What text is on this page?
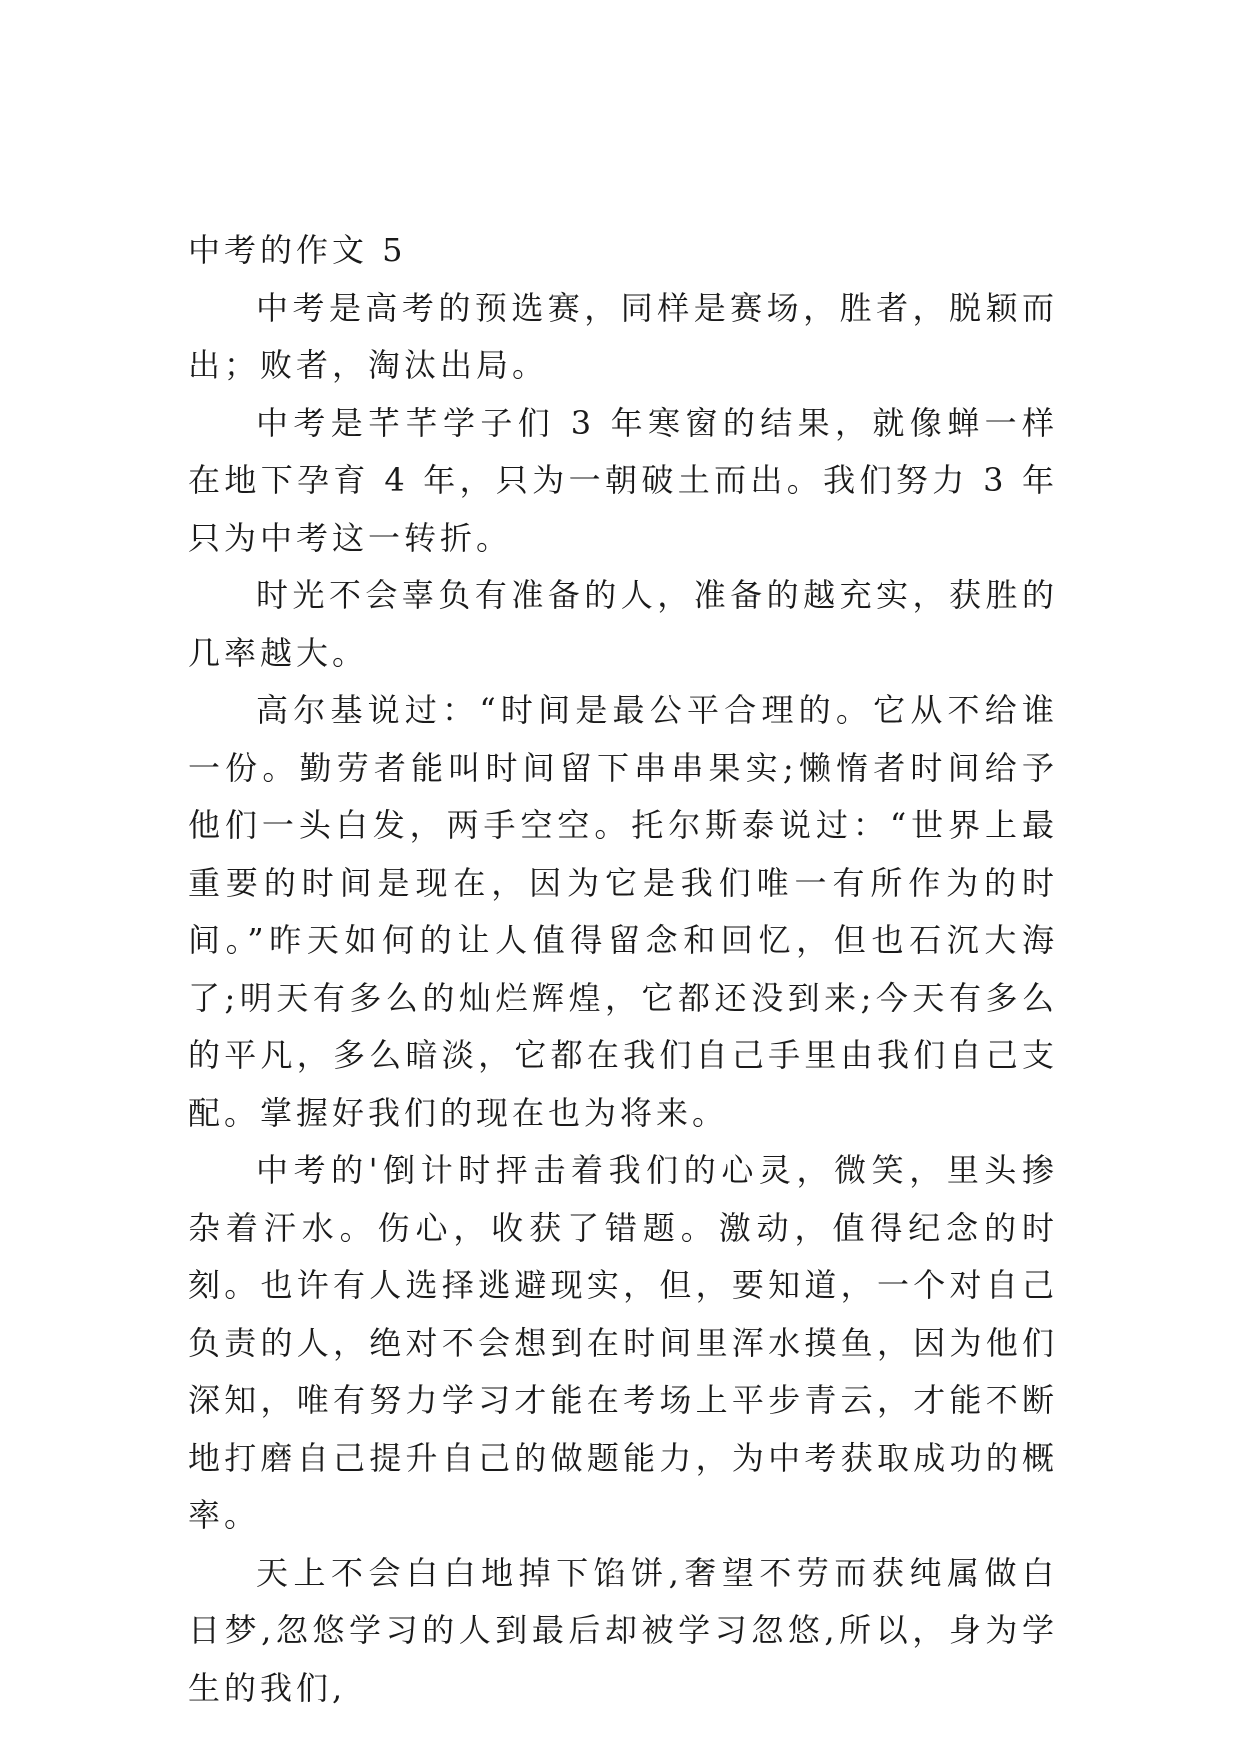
中考的作文 5

中考是高考的预选赛，同样是赛场，胜者，脱颖而出；败者，淘汰出局。

中考是芊芊学子们 3 年寒窗的结果，就像蝉一样在地下孕育 4 年，只为一朝破土而出。我们努力 3 年只为中考这一转折。

时光不会辜负有准备的人，准备的越充实，获胜的几率越大。

高尔基说过：“时间是最公平合理的。它从不给谁一份。勤劳者能叫时间留下串串果实;懒惰者时间给予他们一头白发，两手空空。托尔斯泰说过：“世界上最重要的时间是现在，因为它是我们唯一有所作为的时间。”昨天如何的让人值得留念和回忆，但也石沉大海了;明天有多么的灿烂辉煌，它都还没到来;今天有多么的平凡，多么暗淡，它都在我们自己手里由我们自己支配。掌握好我们的现在也为将来。

中考的'倒计时抨击着我们的心灵，微笑，里头掺杂着汗水。伤心，收获了错题。激动，值得纪念的时刻。也许有人选择逃避现实，但，要知道，一个对自己负责的人，绝对不会想到在时间里浑水摸鱼，因为他们深知，唯有努力学习才能在考场上平步青云，才能不断地打磨自己提升自己的做题能力，为中考获取成功的概率。

天上不会白白地掉下馅饼,奢望不劳而获纯属做白日梦,忽悠学习的人到最后却被学习忽悠,所以，身为学生的我们,
